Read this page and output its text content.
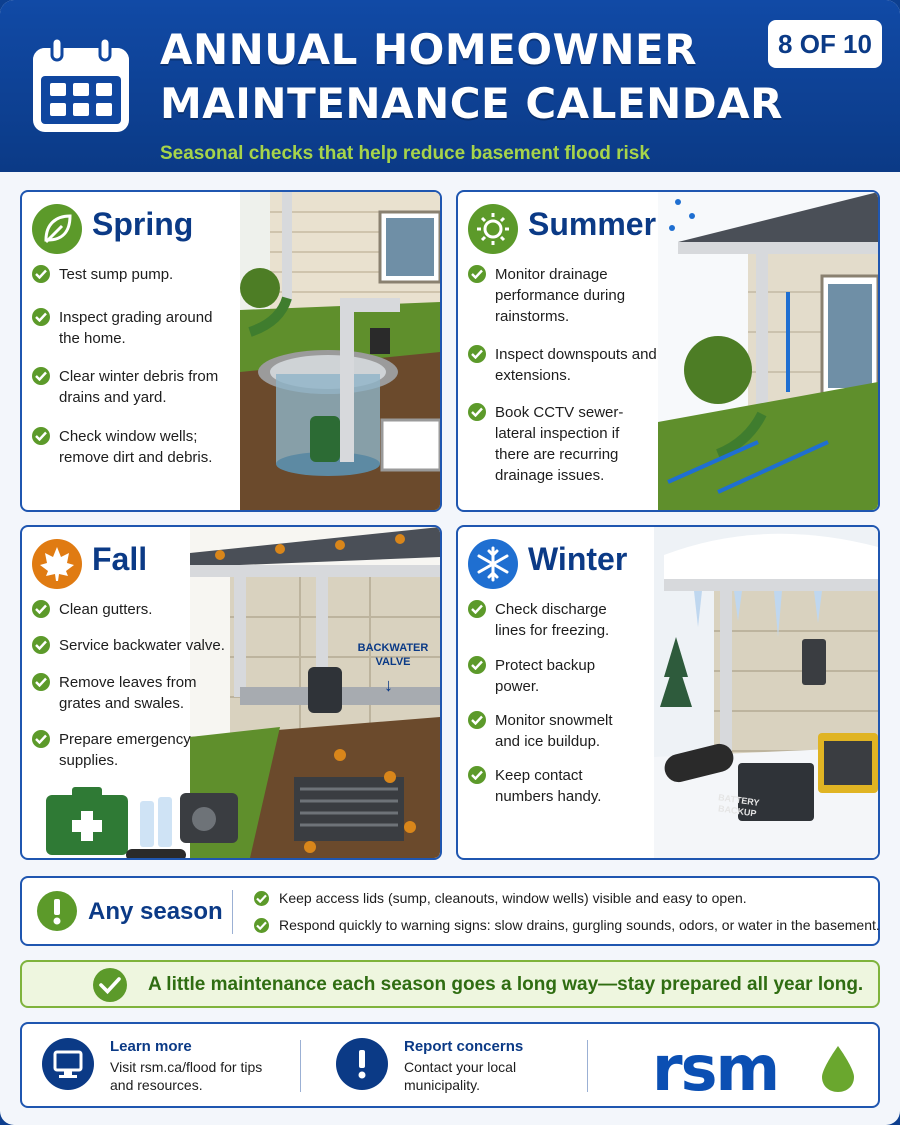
ANNUAL HOMEOWNER
MAINTENANCE CALENDAR
Seasonal checks that help reduce basement flood risk
8 OF 10
Spring
Test sump pump.
Inspect grading around the home.
Clear winter debris from drains and yard.
Check window wells; remove dirt and debris.
Summer
Monitor drainage performance during rainstorms.
Inspect downspouts and extensions.
Book CCTV sewer-lateral inspection if there are recurring drainage issues.
BACKWATER VALVE
↓
Fall
Clean gutters.
Service backwater valve.
Remove leaves from grates and swales.
Prepare emergency supplies.
BATTERY BACKUP
Winter
Check discharge lines for freezing.
Protect backup power.
Monitor snowmelt and ice buildup.
Keep contact numbers handy.
Any season	Keep access lids (sump, cleanouts, window wells) visible and easy to open.
Respond quickly to warning signs: slow drains, gurgling sounds, odors, or water in the basement.
A little maintenance each season goes a long way—stay prepared all year long.
Learn more
Visit rsm.ca/flood for tips and resources.
Report concerns
Contact your local municipality.	rsm
